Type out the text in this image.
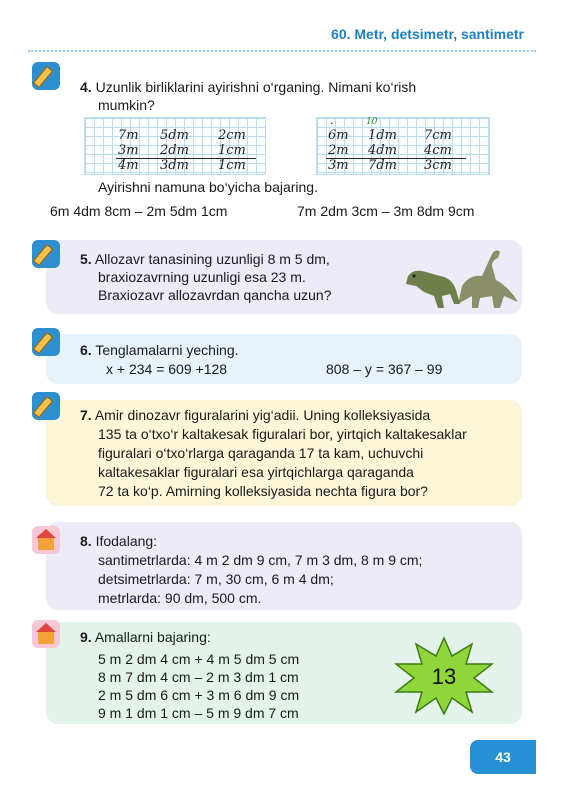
60. Metr, detsimetr, santimetr
4. Uzunlik birliklarini ayirishni o‘rganing. Nimani ko‘rish
mumkin?
7m 5dm 2cm
3m 2dm 1cm
4m 3dm 1cm
.	10
6m 1dm 7cm
2m 4dm 4cm
3m 7dm 3cm
Ayirishni namuna bo‘yicha bajaring.
6m 4dm 8cm – 2m 5dm 1cm	7m 2dm 3cm – 3m 8dm 9cm
5. Allozavr tanasining uzunligi 8 m 5 dm,
braxiozavrning uzunligi esa 23 m.
Braxiozavr allozavrdan qancha uzun?
6. Tenglamalarni yeching.
x + 234 = 609 +128	808 – y = 367 – 99
7. Amir dinozavr figuralarini yig‘adii. Uning kolleksiyasida
135 ta o‘txo‘r kaltakesak figuralari bor, yirtqich kaltakesaklar
figuralari o‘txo‘rlarga qaraganda 17 ta kam, uchuvchi
kaltakesaklar figuralari esa yirtqichlarga qaraganda
72 ta ko‘p. Amirning kolleksiyasida nechta figura bor?
8. Ifodalang:
santimetrlarda: 4 m 2 dm 9 cm, 7 m 3 dm, 8 m 9 cm;
detsimetrlarda: 7 m, 30 cm, 6 m 4 dm;
metrlarda: 90 dm, 500 cm.
9. Amallarni bajaring:
5 m 2 dm 4 cm + 4 m 5 dm 5 cm
8 m 7 dm 4 cm – 2 m 3 dm 1 cm
2 m 5 dm 6 cm + 3 m 6 dm 9 cm
9 m 1 dm 1 cm – 5 m 9 dm 7 cm
13
43
